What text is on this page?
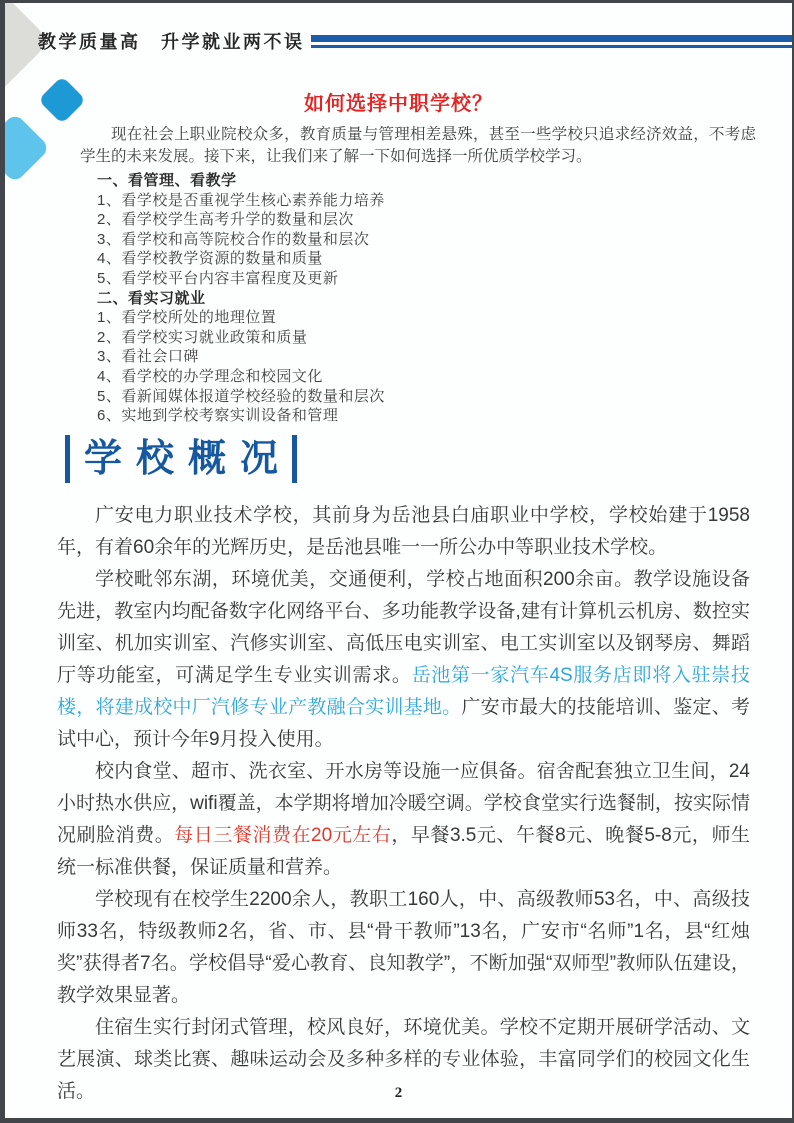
教学质量高　升学就业两不误
如何选择中职学校？

现在社会上职业院校众多，教育质量与管理相差悬殊，甚至一些学校只追求经济效益，不考虑学生的未来发展。接下来，让我们来了解一下如何选择一所优质学校学习。

一、看管理、看教学
1、看学校是否重视学生核心素养能力培养
2、看学校学生高考升学的数量和层次
3、看学校和高等院校合作的数量和层次
4、看学校教学资源的数量和质量
5、看学校平台内容丰富程度及更新
二、看实习就业
1、看学校所处的地理位置
2、看学校实习就业政策和质量
3、看社会口碑
4、看学校的办学理念和校园文化
5、看新闻媒体报道学校经验的数量和层次
6、实地到学校考察实训设备和管理
学校概况

广安电力职业技术学校，其前身为岳池县白庙职业中学校，学校始建于1958年，有着60余年的光辉历史，是岳池县唯一一所公办中等职业技术学校。

学校毗邻东湖，环境优美，交通便利，学校占地面积200余亩。教学设施设备先进，教室内均配备数字化网络平台、多功能教学设备,建有计算机云机房、数控实训室、机加实训室、汽修实训室、高低压电实训室、电工实训室以及钢琴房、舞蹈厅等功能室，可满足学生专业实训需求。岳池第一家汽车4S服务店即将入驻崇技楼，将建成校中厂汽修专业产教融合实训基地。广安市最大的技能培训、鉴定、考试中心，预计今年9月投入使用。

校内食堂、超市、洗衣室、开水房等设施一应俱备。宿舍配套独立卫生间，24小时热水供应，wifi覆盖，本学期将增加冷暖空调。学校食堂实行选餐制，按实际情况刷脸消费。每日三餐消费在20元左右，早餐3.5元、午餐8元、晚餐5-8元，师生统一标准供餐，保证质量和营养。

学校现有在校学生2200余人，教职工160人，中、高级教师53名，中、高级技师33名，特级教师2名，省、市、县“骨干教师”13名，广安市“名师”1名，县“红烛奖”获得者7名。学校倡导“爱心教育、良知教学”，不断加强“双师型”教师队伍建设，教学效果显著。

住宿生实行封闭式管理，校风良好，环境优美。学校不定期开展研学活动、文艺展演、球类比赛、趣味运动会及多种多样的专业体验，丰富同学们的校园文化生活。	2
